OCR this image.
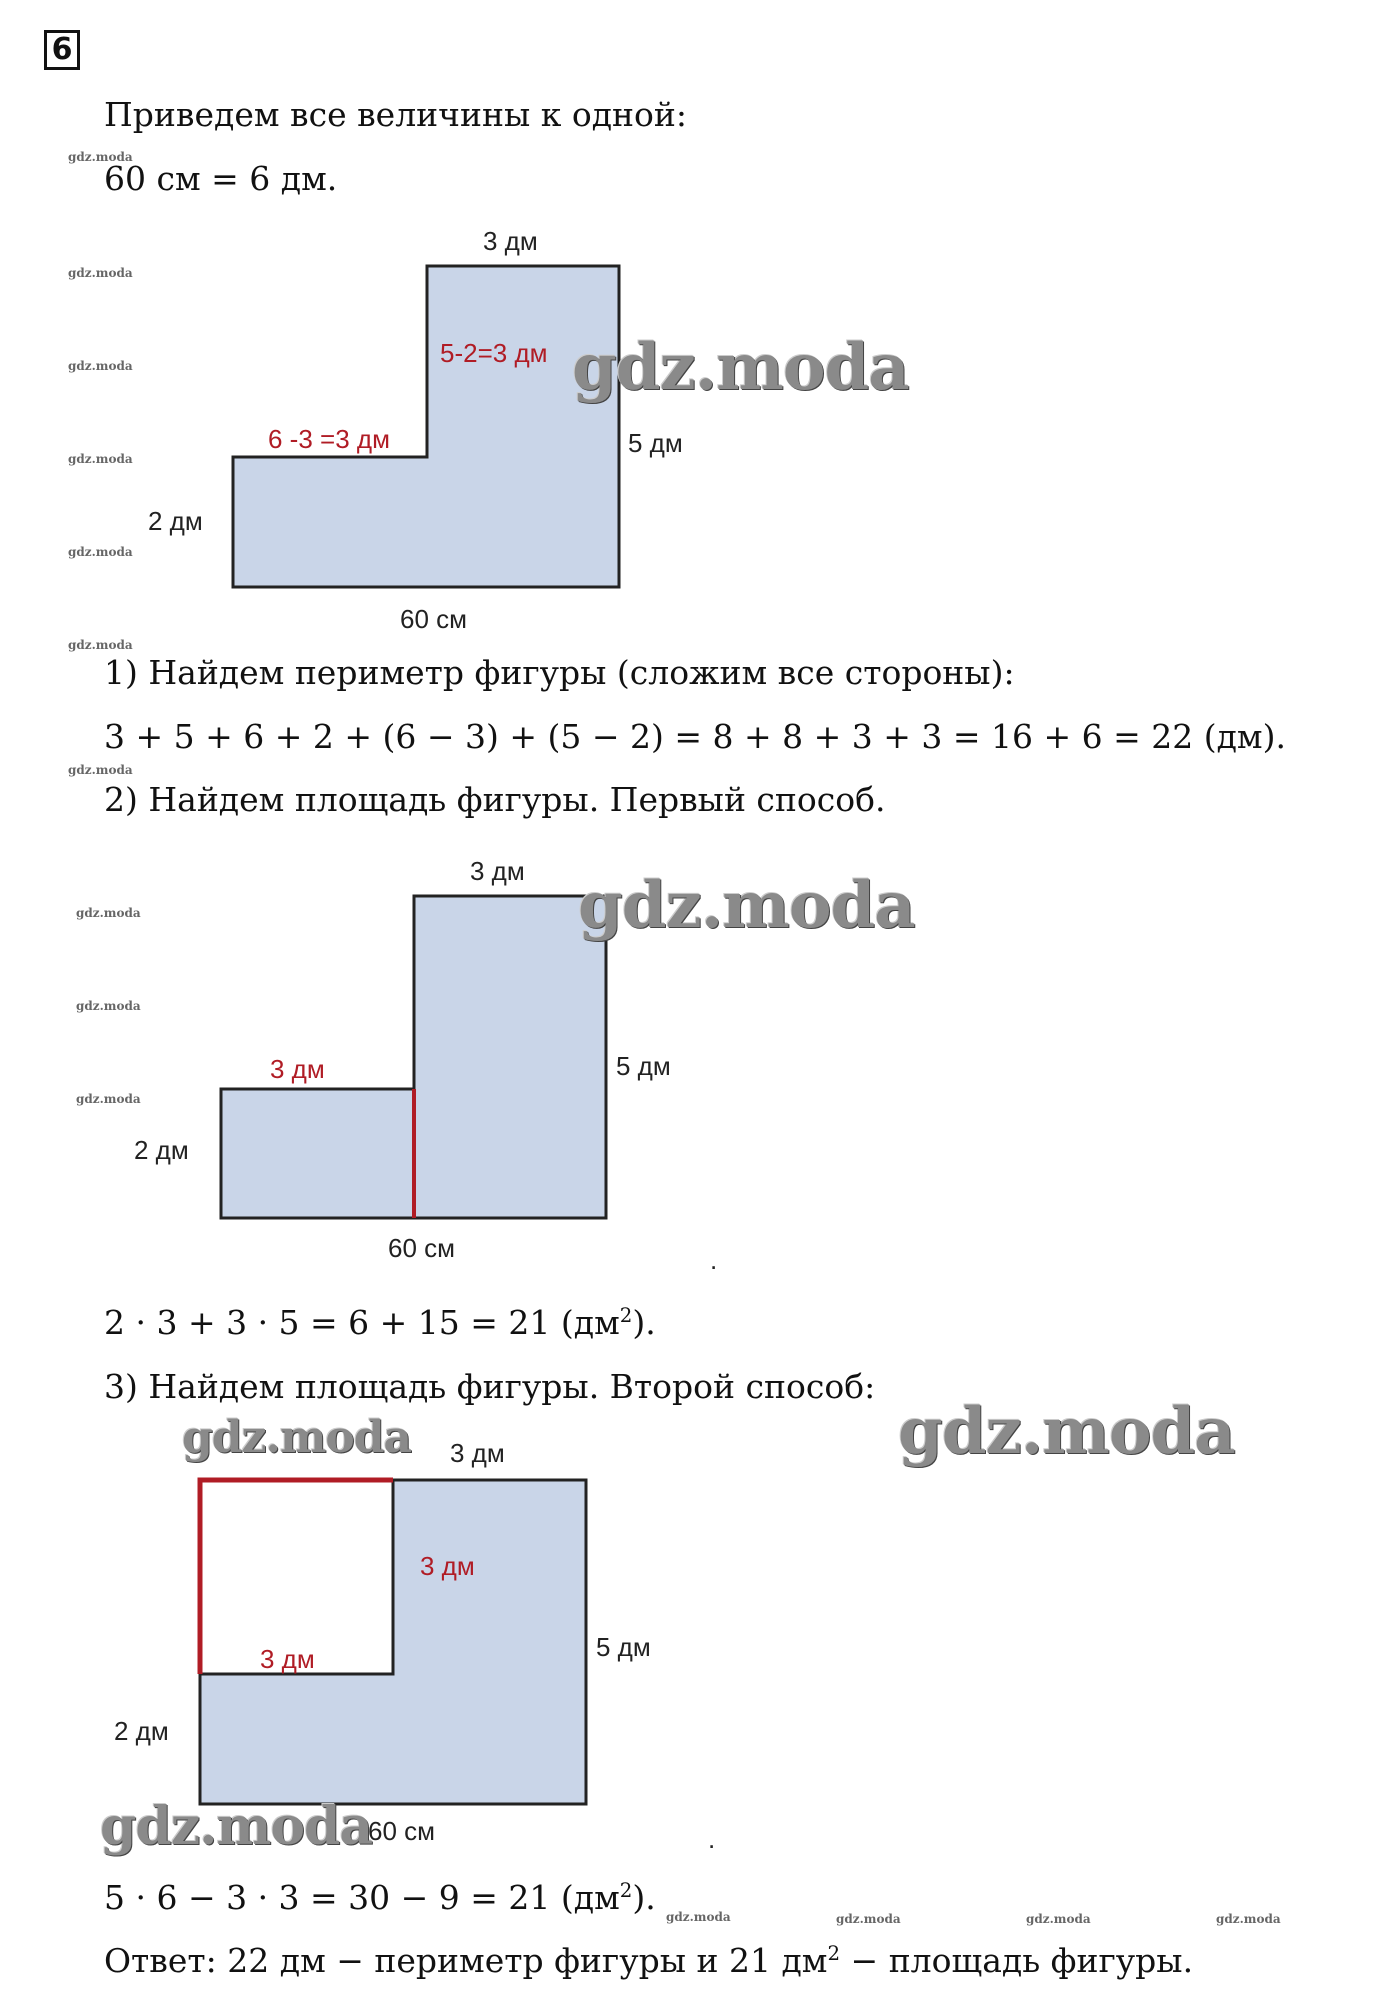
6
Приведем все величины к одной:
60 см = 6 дм.
3 дм
5-2=3 дм
6 -3 =3 дм	5 дм
2 дм
60 см
1) Найдем периметр фигуры (сложим все стороны):
3 + 5 + 6 + 2 + (6 − 3) + (5 − 2) = 8 + 8 + 3 + 3 = 16 + 6 = 22 (дм).
2) Найдем площадь фигуры. Первый способ.
3 дм
3 дм	5 дм
2 дм
60 см	.
2 · 3 + 3 · 5 = 6 + 15 = 21 $(дм^2)$.
3) Найдем площадь фигуры. Второй способ:
3 дм
3 дм
3 дм	5 дм
2 дм
60 см	.
5 · 6 − 3 · 3 = 30 − 9 = 21 $(дм^2)$.
Ответ: 22 дм − периметр фигуры и 21 $дм^2$ − площадь фигуры.
gdz.moda
gdz.moda
gdz.moda
gdz.moda
gdz.moda
gdz.moda
gdz.moda
gdz.moda
gdz.moda
gdz.moda
gdz.moda	gdz.moda	gdz.moda	gdz.moda
gdz.moda
gdz.moda
gdz.moda
gdz.moda
gdz.moda
